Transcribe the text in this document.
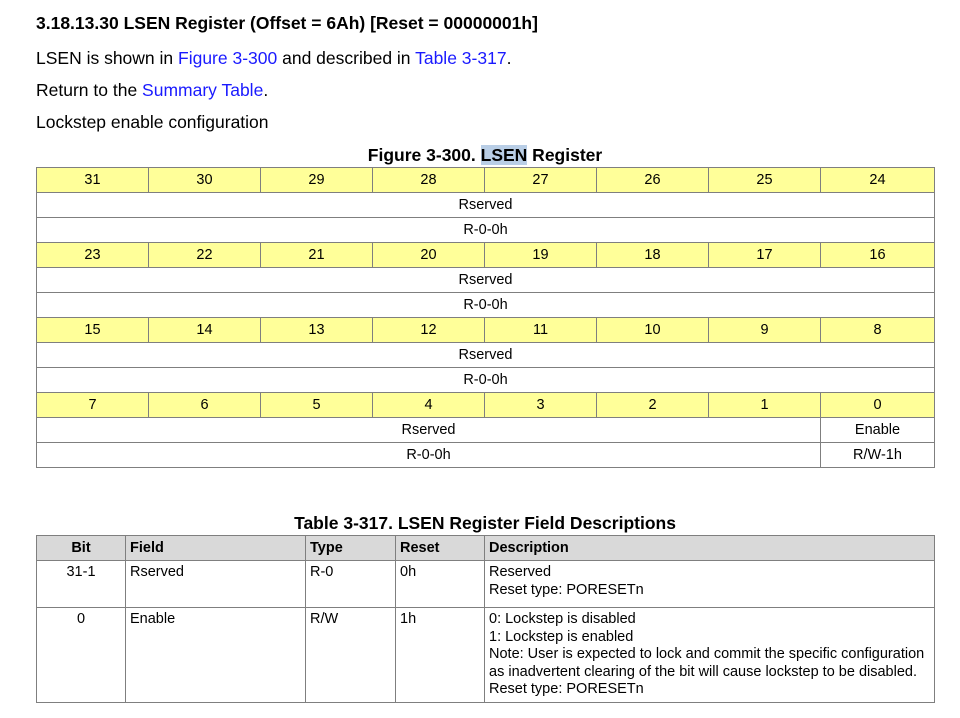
3.18.13.30 LSEN Register (Offset = 6Ah) [Reset = 00000001h]
LSEN is shown in Figure 3-300 and described in Table 3-317.
Return to the Summary Table.
Lockstep enable configuration
Figure 3-300. LSEN Register
31	30	29	28	27	26	25	24
Rserved							
R-0-0h							
23	22	21	20	19	18	17	16
Rserved							
R-0-0h							
15	14	13	12	11	10	9	8
Rserved							
R-0-0h							
7	6	5	4	3	2	1	0
Rserved							Enable
R-0-0h							R/W-1h
Table 3-317. LSEN Register Field Descriptions
Bit	Field	Type	Reset	Description
31-1	Rserved	R-0	0h	Reserved
Reset type: PORESETn

0	Enable	R/W	1h	0: Lockstep is disabled
1: Lockstep is enabled
Note: User is expected to lock and commit the specific configuration
as inadvertent clearing of the bit will cause lockstep to be disabled.
Reset type: PORESETn
